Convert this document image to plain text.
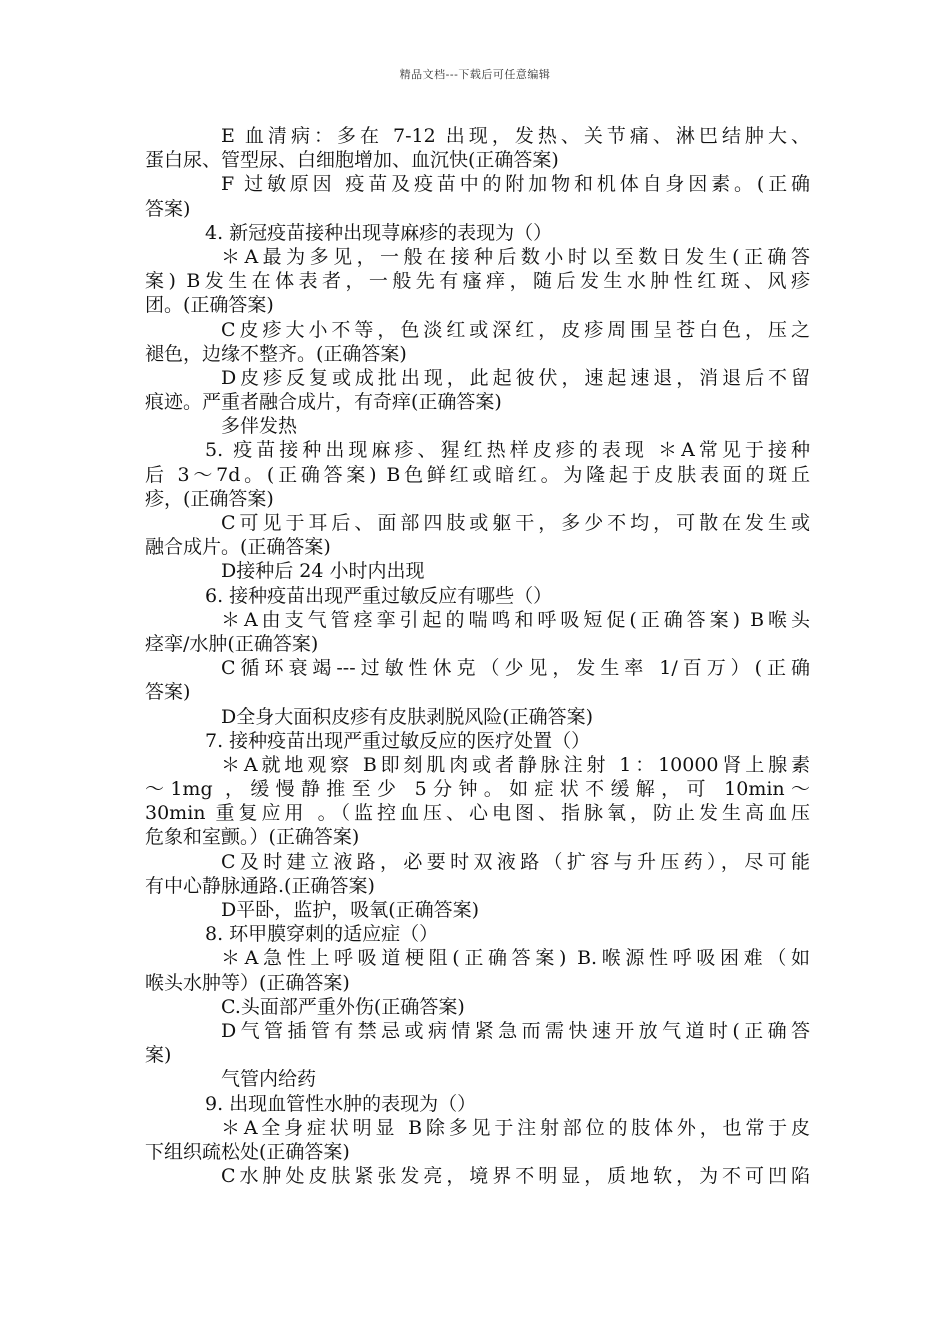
精品文档---下载后可任意编辑
E 血清病：多在 7-12 出现，发热、关节痛、淋巴结肿大、
蛋白尿、管型尿、白细胞增加、血沉快(正确答案)
F 过敏原因 疫苗及疫苗中的附加物和机体自身因素。(正确
答案)
4. 新冠疫苗接种出现荨麻疹的表现为（）
＊A最为多见，一般在接种后数小时以至数日发生(正确答
案) B发生在体表者，一般先有瘙痒，随后发生水肿性红斑、风疹
团。(正确答案)
C皮疹大小不等，色淡红或深红，皮疹周围呈苍白色，压之
褪色，边缘不整齐。(正确答案)
D皮疹反复或成批出现，此起彼伏，速起速退，消退后不留
痕迹。严重者融合成片，有奇痒(正确答案)
多伴发热
5. 疫苗接种出现麻疹、猩红热样皮疹的表现 ＊A常见于接种
后 3～7d。(正确答案) B色鲜红或暗红。为隆起于皮肤表面的斑丘
疹，(正确答案)
C可见于耳后、面部四肢或躯干，多少不均，可散在发生或
融合成片。(正确答案)
D接种后 24 小时内出现
6. 接种疫苗出现严重过敏反应有哪些（）
＊A由支气管痉挛引起的喘鸣和呼吸短促(正确答案) B喉头
痉挛/水肿(正确答案)
C循环衰竭---过敏性休克（少见，发生率 1/百万）(正确
答案)
D全身大面积皮疹有皮肤剥脱风险(正确答案)
7. 接种疫苗出现严重过敏反应的医疗处置（）
＊A就地观察 B即刻肌肉或者静脉注射 1：10000肾上腺素
～1mg ，缓慢静推至少 5分钟。如症状不缓解，可 10min～
30min 重复应用 。（监控血压、心电图、指脉氧，防止发生高血压
危象和室颤。）(正确答案)
C及时建立液路，必要时双液路（扩容与升压药），尽可能
有中心静脉通路.(正确答案)
D平卧，监护，吸氧(正确答案)
8. 环甲膜穿刺的适应症（）
＊A急性上呼吸道梗阻(正确答案) B.喉源性呼吸困难（如
喉头水肿等）(正确答案)
C.头面部严重外伤(正确答案)
D气管插管有禁忌或病情紧急而需快速开放气道时(正确答
案)
气管内给药
9. 出现血管性水肿的表现为（）
＊A全身症状明显 B除多见于注射部位的肢体外，也常于皮
下组织疏松处(正确答案)
C水肿处皮肤紧张发亮，境界不明显，质地软，为不可凹陷
